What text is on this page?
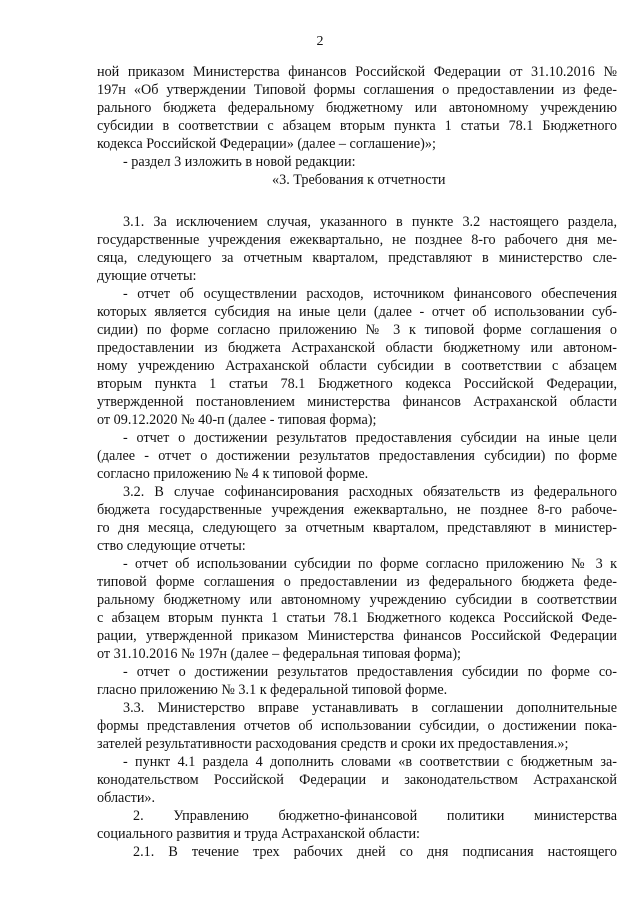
2
ной приказом Министерства финансов Российской Федерации от 31.10.2016 №
197н «Об утверждении Типовой формы соглашения о предоставлении из феде-
рального бюджета федеральному бюджетному или автономному учреждению
субсидии в соответствии с абзацем вторым пункта 1 статьи 78.1 Бюджетного
кодекса Российской Федерации» (далее – соглашение)»;
- раздел 3 изложить в новой редакции:
«3. Требования к отчетности
3.1. За исключением случая, указанного в пункте 3.2 настоящего раздела,
государственные учреждения ежеквартально, не позднее 8-го рабочего дня ме-
сяца, следующего за отчетным кварталом, представляют в министерство сле-
дующие отчеты:
- отчет об осуществлении расходов, источником финансового обеспечения
которых является субсидия на иные цели (далее - отчет об использовании суб-
сидии) по форме согласно приложению № 3 к типовой форме соглашения о
предоставлении из бюджета Астраханской области бюджетному или автоном-
ному учреждению Астраханской области субсидии в соответствии с абзацем
вторым пункта 1 статьи 78.1 Бюджетного кодекса Российской Федерации,
утвержденной постановлением министерства финансов Астраханской области
от 09.12.2020 № 40-п (далее - типовая форма);
- отчет о достижении результатов предоставления субсидии на иные цели
(далее - отчет о достижении результатов предоставления субсидии) по форме
согласно приложению № 4 к типовой форме.
3.2. В случае софинансирования расходных обязательств из федерального
бюджета государственные учреждения ежеквартально, не позднее 8-го рабоче-
го дня месяца, следующего за отчетным кварталом, представляют в министер-
ство следующие отчеты:
- отчет об использовании субсидии по форме согласно приложению № 3 к
типовой форме соглашения о предоставлении из федерального бюджета феде-
ральному бюджетному или автономному учреждению субсидии в соответствии
с абзацем вторым пункта 1 статьи 78.1 Бюджетного кодекса Российской Феде-
рации, утвержденной приказом Министерства финансов Российской Федерации
от 31.10.2016 № 197н (далее – федеральная типовая форма);
- отчет о достижении результатов предоставления субсидии по форме со-
гласно приложению № 3.1 к федеральной типовой форме.
3.3. Министерство вправе устанавливать в соглашении дополнительные
формы представления отчетов об использовании субсидии, о достижении пока-
зателей результативности расходования средств и сроки их предоставления.»;
- пункт 4.1 раздела 4 дополнить словами «в соответствии с бюджетным за-
конодательством Российской Федерации и законодательством Астраханской
области».
2. Управлению бюджетно-финансовой политики министерства
социального развития и труда Астраханской области:
2.1. В течение трех рабочих дней со дня подписания настоящего
